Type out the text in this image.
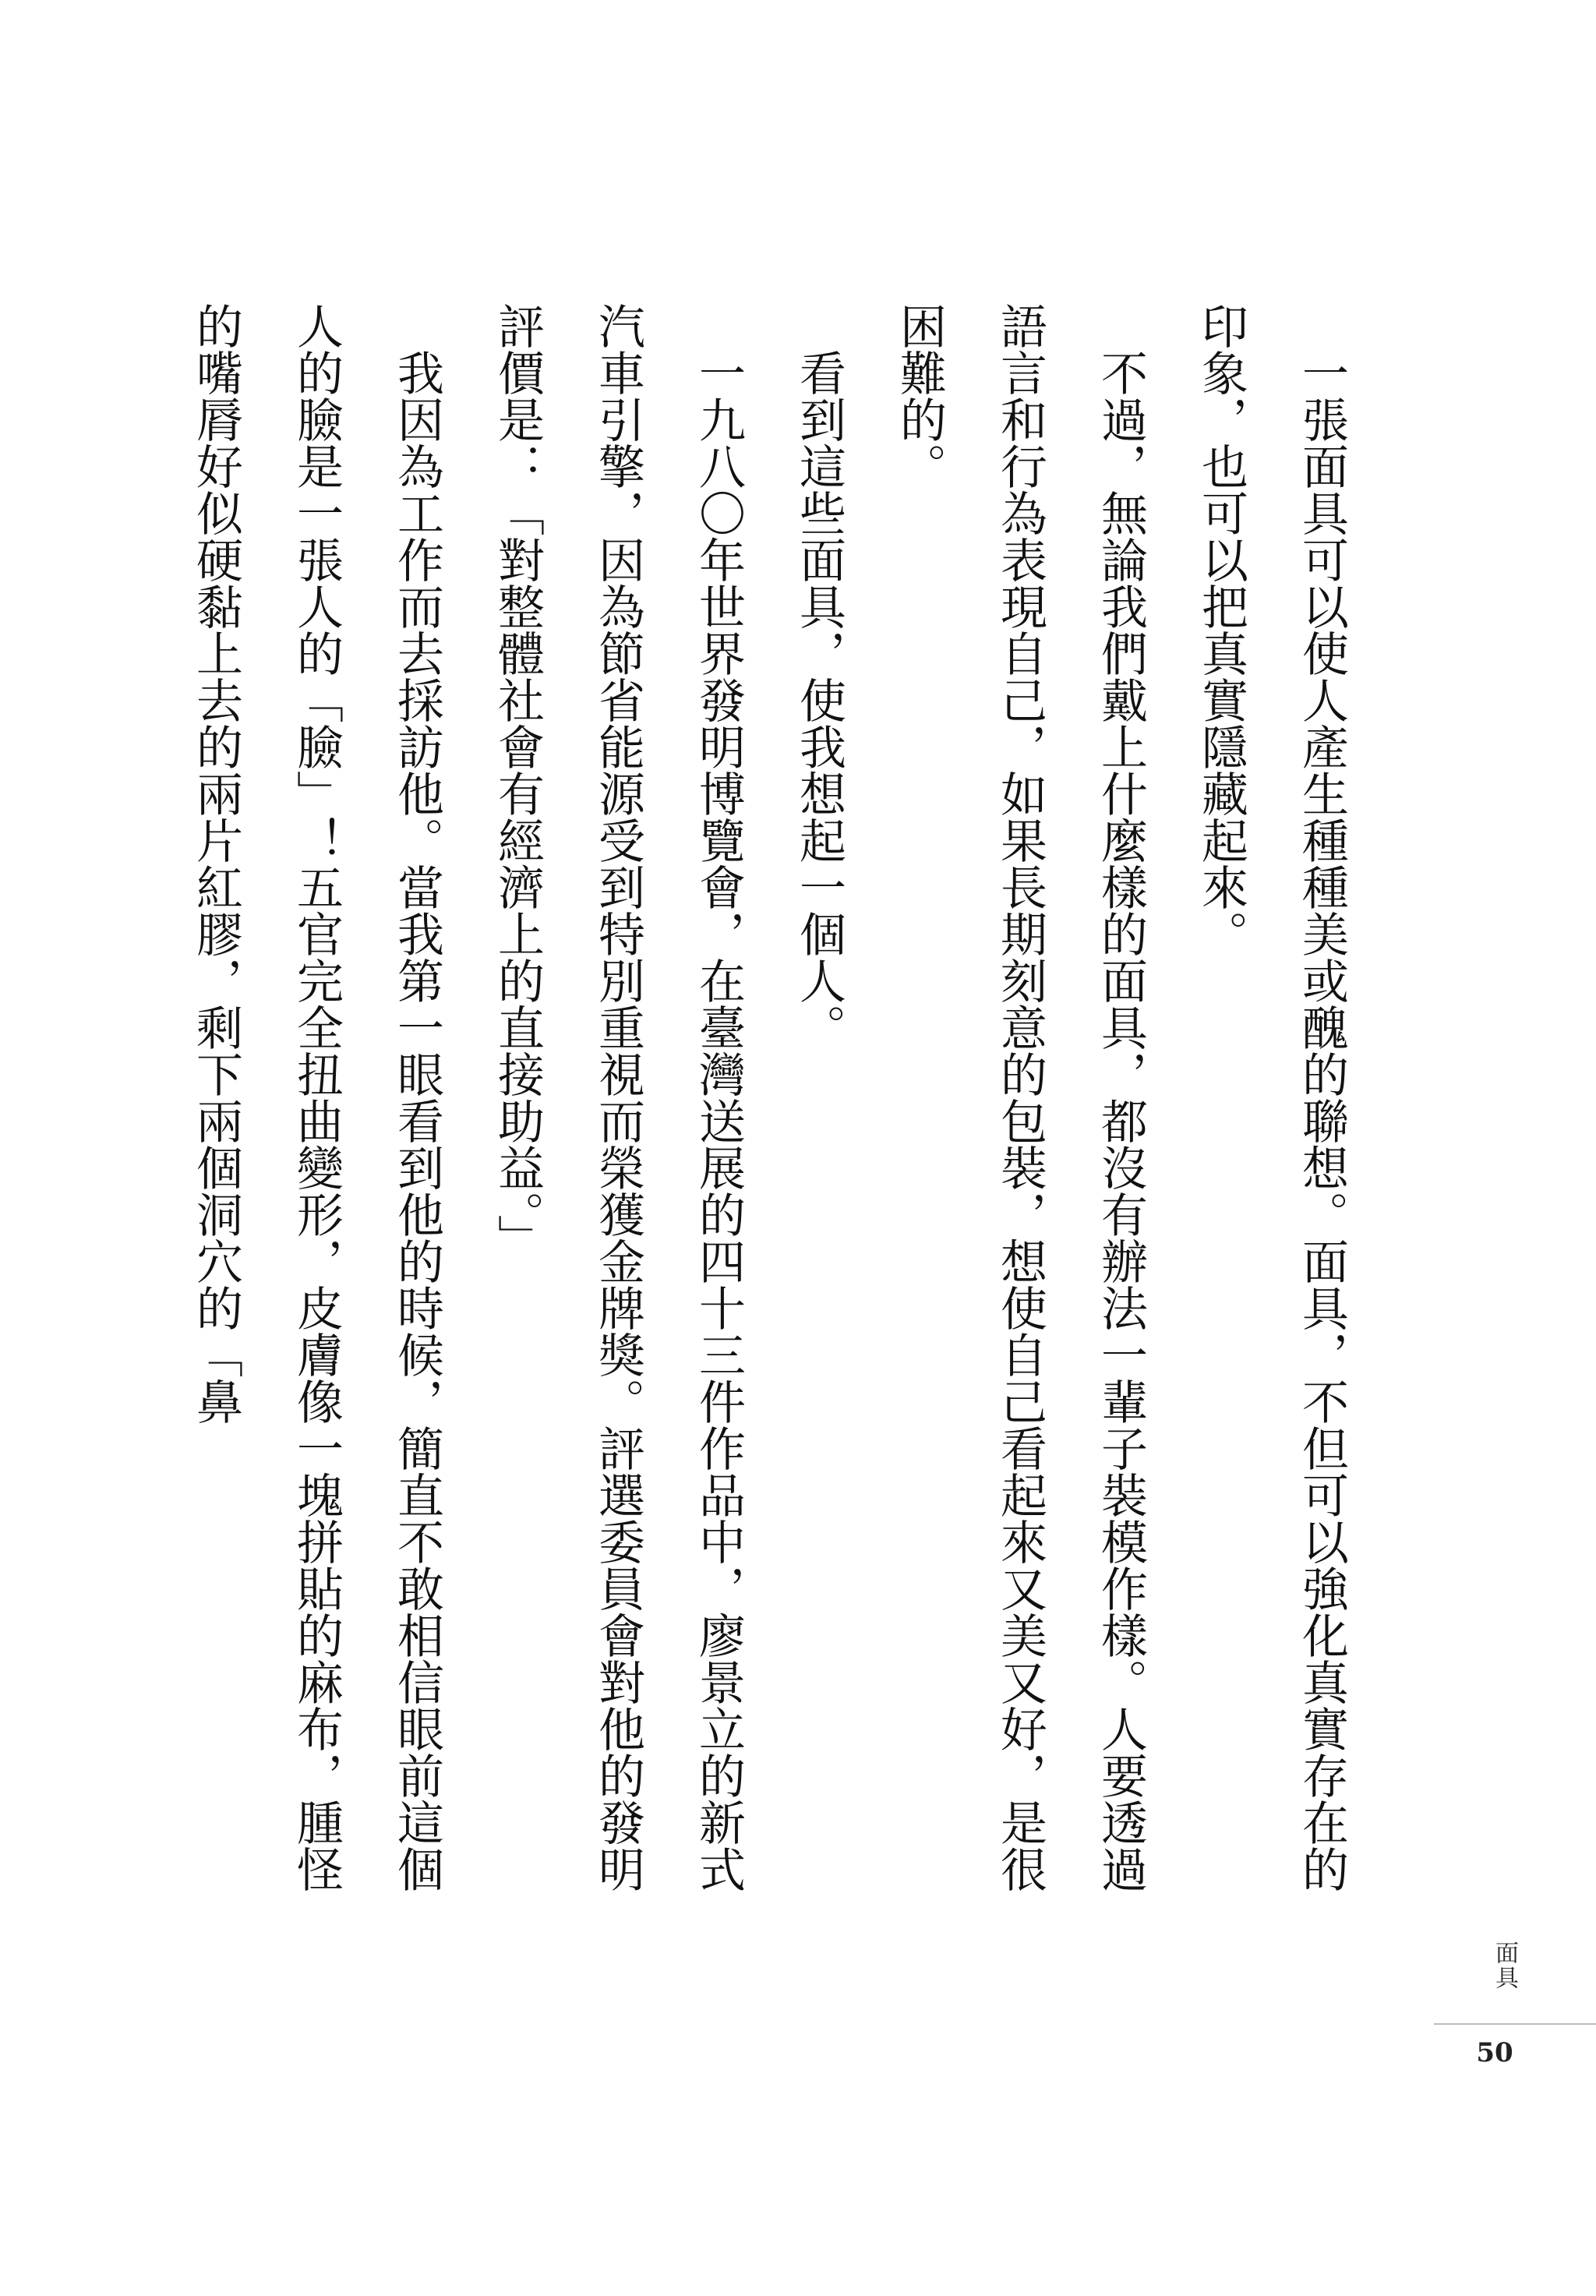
一張面具可以使人產生種種美或醜的聯想。面具，不但可以強化真實存在的印象，也可以把真實隱藏起來。

不過，無論我們戴上什麼樣的面具，都沒有辦法一輩子裝模作樣。人要透過語言和行為表現自己，如果長期刻意的包裝，想使自己看起來又美又好，是很困難的。

看到這些面具，使我想起一個人。

一九八〇年世界發明博覽會，在臺灣送展的四十三件作品中，廖景立的新式汽車引擎，因為節省能源受到特別重視而榮獲金牌獎。評選委員會對他的發明評價是：「對整體社會有經濟上的直接助益。」

我因為工作而去採訪他。當我第一眼看到他的時候，簡直不敢相信眼前這個人的臉是一張人的「臉」！五官完全扭曲變形，皮膚像一塊拼貼的麻布，腫怪的嘴脣好似硬黏上去的兩片紅膠，剩下兩個洞穴的「鼻

面具
50
